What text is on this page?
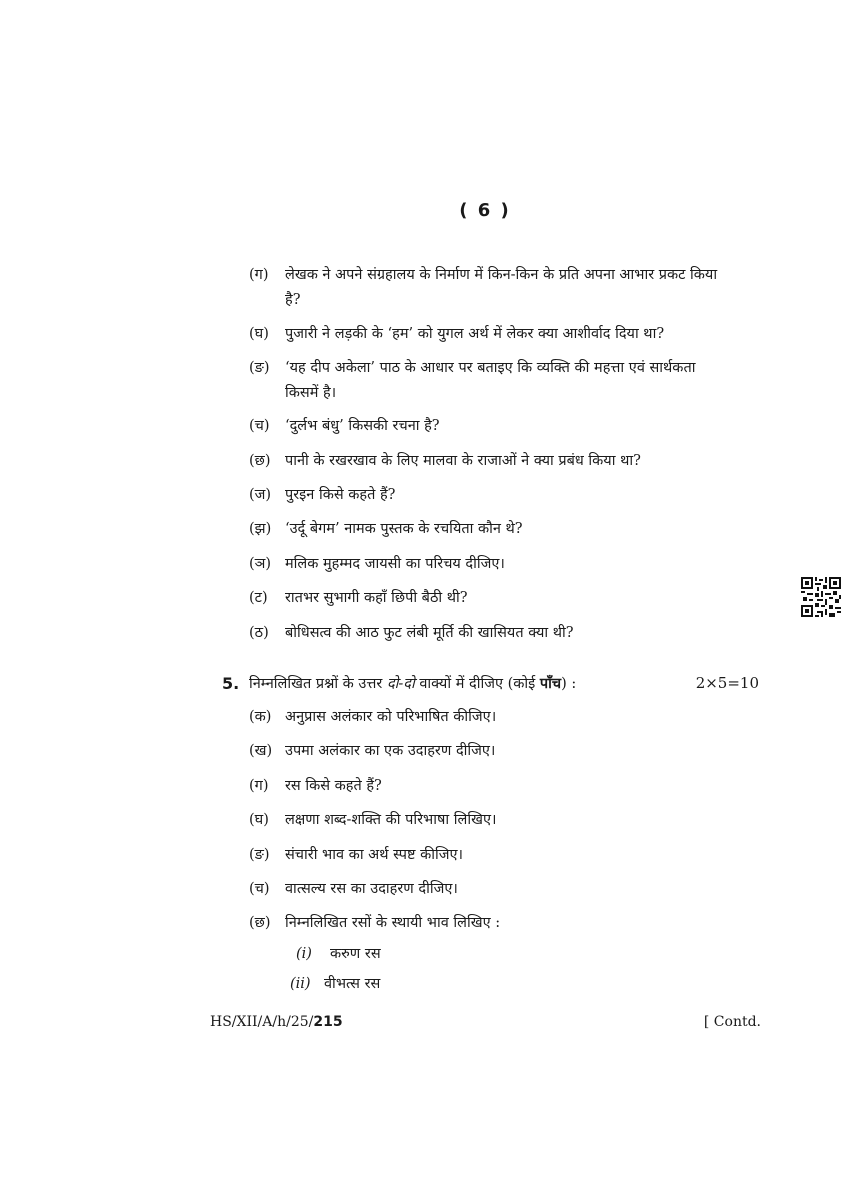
( 6 )
(ग) लेखक ने अपने संग्रहालय के निर्माण में किन-किन के प्रति अपना आभार प्रकट किया है?
(घ) पुजारी ने लड़की के ‘हम’ को युगल अर्थ में लेकर क्या आशीर्वाद दिया था?
(ङ) ‘यह दीप अकेला’ पाठ के आधार पर बताइए कि व्यक्ति की महत्ता एवं सार्थकता किसमें है।
(च) ‘दुर्लभ बंधु’ किसकी रचना है?
(छ) पानी के रखरखाव के लिए मालवा के राजाओं ने क्या प्रबंध किया था?
(ज) पुरइन किसे कहते हैं?
(झ) ‘उर्दू बेगम’ नामक पुस्तक के रचयिता कौन थे?
(ञ) मलिक मुहम्मद जायसी का परिचय दीजिए।
(ट) रातभर सुभागी कहाँ छिपी बैठी थी?
(ठ) बोधिसत्व की आठ फुट लंबी मूर्ति की खासियत क्या थी?
5. निम्नलिखित प्रश्नों के उत्तर दो-दो वाक्यों में दीजिए (कोई पाँच) :	2×5=10
(क) अनुप्रास अलंकार को परिभाषित कीजिए।
(ख) उपमा अलंकार का एक उदाहरण दीजिए।
(ग) रस किसे कहते हैं?
(घ) लक्षणा शब्द-शक्ति की परिभाषा लिखिए।
(ङ) संचारी भाव का अर्थ स्पष्ट कीजिए।
(च) वात्सल्य रस का उदाहरण दीजिए।
(छ) निम्नलिखित रसों के स्थायी भाव लिखिए :
(i) करुण रस
(ii) वीभत्स रस
HS/XII/A/h/25/215	[ Contd.
